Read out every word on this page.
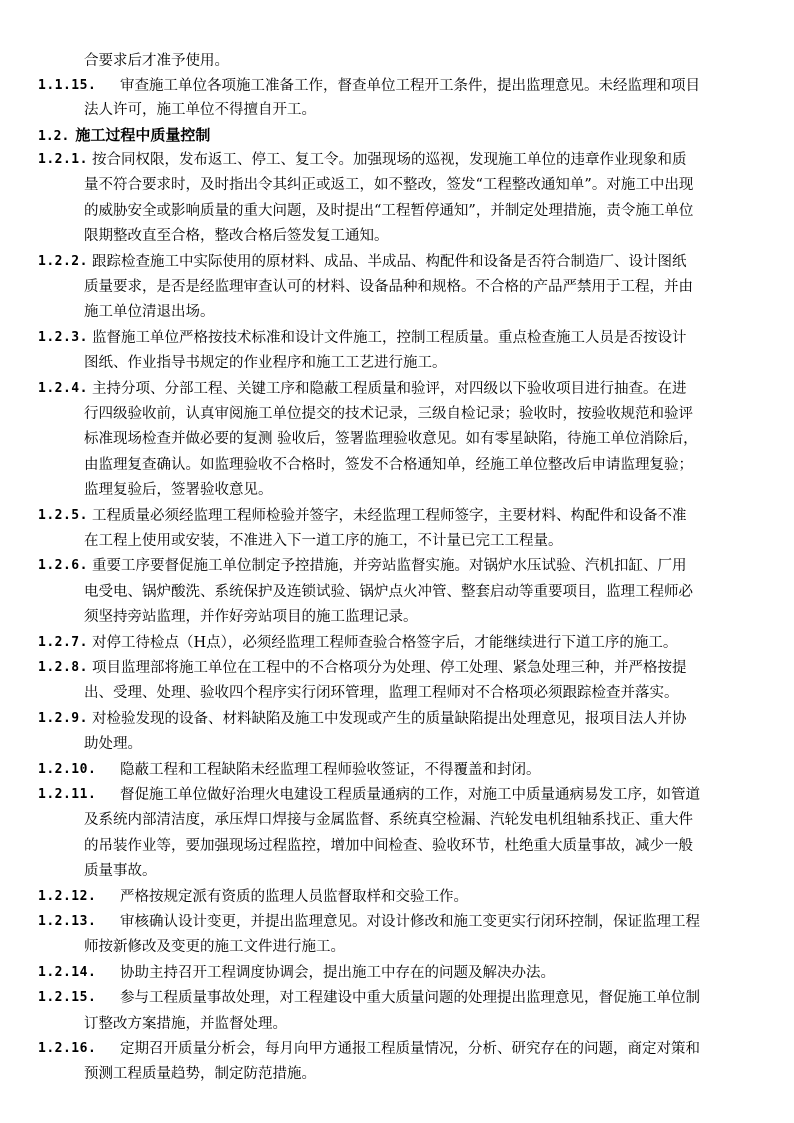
合要求后才准予使用。
1.1.15. 审查施工单位各项施工准备工作，督查单位工程开工条件，提出监理意见。未经监理和项目
法人许可，施工单位不得擅自开工。
1.2. 施工过程中质量控制
1.2.1. 按合同权限，发布返工、停工、复工令。加强现场的巡视，发现施工单位的违章作业现象和质
量不符合要求时，及时指出令其纠正或返工，如不整改，签发“工程整改通知单”。对施工中出现
的威胁安全或影响质量的重大问题，及时提出“工程暂停通知”，并制定处理措施，责令施工单位
限期整改直至合格，整改合格后签发复工通知。
1.2.2. 跟踪检查施工中实际使用的原材料、成品、半成品、构配件和设备是否符合制造厂、设计图纸
质量要求，是否是经监理审查认可的材料、设备品种和规格。不合格的产品严禁用于工程，并由
施工单位清退出场。
1.2.3. 监督施工单位严格按技术标准和设计文件施工，控制工程质量。重点检查施工人员是否按设计
图纸、作业指导书规定的作业程序和施工工艺进行施工。
1.2.4. 主持分项、分部工程、关键工序和隐蔽工程质量和验评，对四级以下验收项目进行抽查。在进
行四级验收前，认真审阅施工单位提交的技术记录，三级自检记录；验收时，按验收规范和验评
标准现场检查并做必要的复测 验收后，签署监理验收意见。如有零星缺陷，待施工单位消除后，
由监理复查确认。如监理验收不合格时，签发不合格通知单，经施工单位整改后申请监理复验；
监理复验后，签署验收意见。
1.2.5. 工程质量必须经监理工程师检验并签字，未经监理工程师签字，主要材料、构配件和设备不准
在工程上使用或安装，不准进入下一道工序的施工，不计量已完工工程量。
1.2.6. 重要工序要督促施工单位制定予控措施，并旁站监督实施。对锅炉水压试验、汽机扣缸、厂用
电受电、锅炉酸洗、系统保护及连锁试验、锅炉点火冲管、整套启动等重要项目，监理工程师必
须坚持旁站监理，并作好旁站项目的施工监理记录。
1.2.7. 对停工待检点（H点），必须经监理工程师查验合格签字后，才能继续进行下道工序的施工。
1.2.8. 项目监理部将施工单位在工程中的不合格项分为处理、停工处理、紧急处理三种，并严格按提
出、受理、处理、验收四个程序实行闭环管理，监理工程师对不合格项必须跟踪检查并落实。
1.2.9. 对检验发现的设备、材料缺陷及施工中发现或产生的质量缺陷提出处理意见，报项目法人并协
助处理。
1.2.10. 隐蔽工程和工程缺陷未经监理工程师验收签证，不得覆盖和封闭。
1.2.11. 督促施工单位做好治理火电建设工程质量通病的工作，对施工中质量通病易发工序，如管道
及系统内部清洁度，承压焊口焊接与金属监督、系统真空检漏、汽轮发电机组轴系找正、重大件
的吊装作业等，要加强现场过程监控，增加中间检查、验收环节，杜绝重大质量事故，减少一般
质量事故。
1.2.12. 严格按规定派有资质的监理人员监督取样和交验工作。
1.2.13. 审核确认设计变更，并提出监理意见。对设计修改和施工变更实行闭环控制，保证监理工程
师按新修改及变更的施工文件进行施工。
1.2.14. 协助主持召开工程调度协调会，提出施工中存在的问题及解决办法。
1.2.15. 参与工程质量事故处理，对工程建设中重大质量问题的处理提出监理意见，督促施工单位制
订整改方案措施，并监督处理。
1.2.16. 定期召开质量分析会，每月向甲方通报工程质量情况，分析、研究存在的问题，商定对策和
预测工程质量趋势，制定防范措施。
